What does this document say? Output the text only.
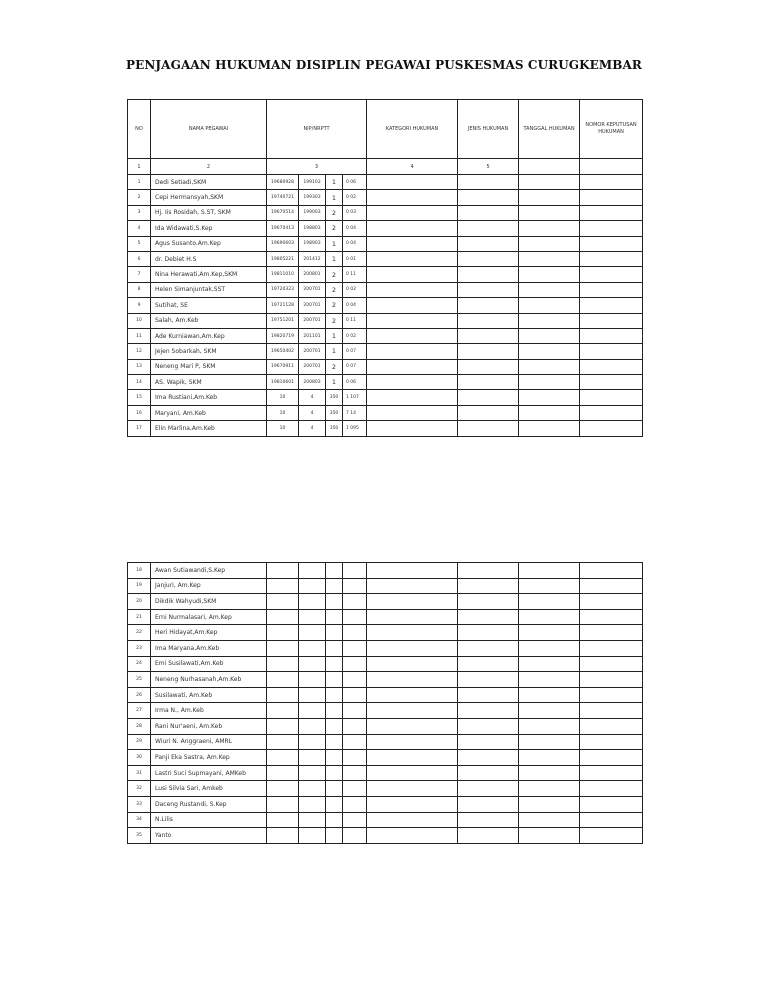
PENJAGAAN HUKUMAN DISIPLIN PEGAWAI PUSKESMAS CURUGKEMBAR
NO	NAMA PEGAWAI	NIP/NRPTT				KATEGORI HUKUMAN	JENIS HUKUMAN	TANGGAL HUKUMAN	NOMOR KEPUTUSAN HUKUMAN
1	2	3				4	5		
1	Dedi Setiadi,SKM	19680928	199103	1	0 06				
2	Cepi Hermansyah,SKM	19740721	199303	1	0 02				
3	Hj. Iis Rosidah, S.ST, SKM	19670514	199003	2	0 03				
4	Ida Widawati,S.Kep	19670413	198803	2	0 04				
5	Agus Susanto.Am.Kep	19690603	198903	1	0 04				
6	dr. Debiet H.S	19805221	201412	1	0 01				
7	Nina Herawati,Am.Kep,SKM	19811010	200801	2	0 11				
8	Helen Simanjuntak,SST	19720323	200701	2	0 02				
9	Sutihat, SE	19721128	200701	2	0 04				
10	Salah, Am.Keb	19751201	200701	2	0 11				
11	Ade Kurniawan,Am.Kep	19820719	201101	1	0 02				
12	Jejen Sobarkah, SKM	19650402	200701	1	0 07				
13	Neneng Mari P, SKM	19670911	200701	2	0 07				
14	AS. Wapik, SKM	19810601	200803	1	0 06				
15	Ima Rustiani,Am.Keb	10	4	350	1 107				
16	Maryani, Am.Keb	10	4	350	7 14				
17	Elin Marlina,Am.Keb	10	4	350	1 095				
18	Awan Sutiawandi,S.Kep								
19	Janjuri, Am.Kep								
20	Dikdik Wahyudi,SKM								
21	Erni Nurmalasari, Am.Kep								
22	Heri Hidayat,Am.Kep								
23	Ima Maryana,Am.Keb								
24	Emi Susilawati,Am.Keb								
25	Neneng Nurhasanah,Am.Keb								
26	Susilawati, Am.Keb								
27	Irma N., Am.Keb								
28	Rani Nur'aeni, Am.Keb								
29	Wiuri N. Anggraeni, AMRL								
30	Panji Eka Sastra, Am.Kep								
31	Lastri Suci Supmayani, AMKeb								
32	Lusi Silvia Sari, Amkeb								
33	Daceng Rustandi, S.Kep								
34	N.Lilis								
35	Yanto								
